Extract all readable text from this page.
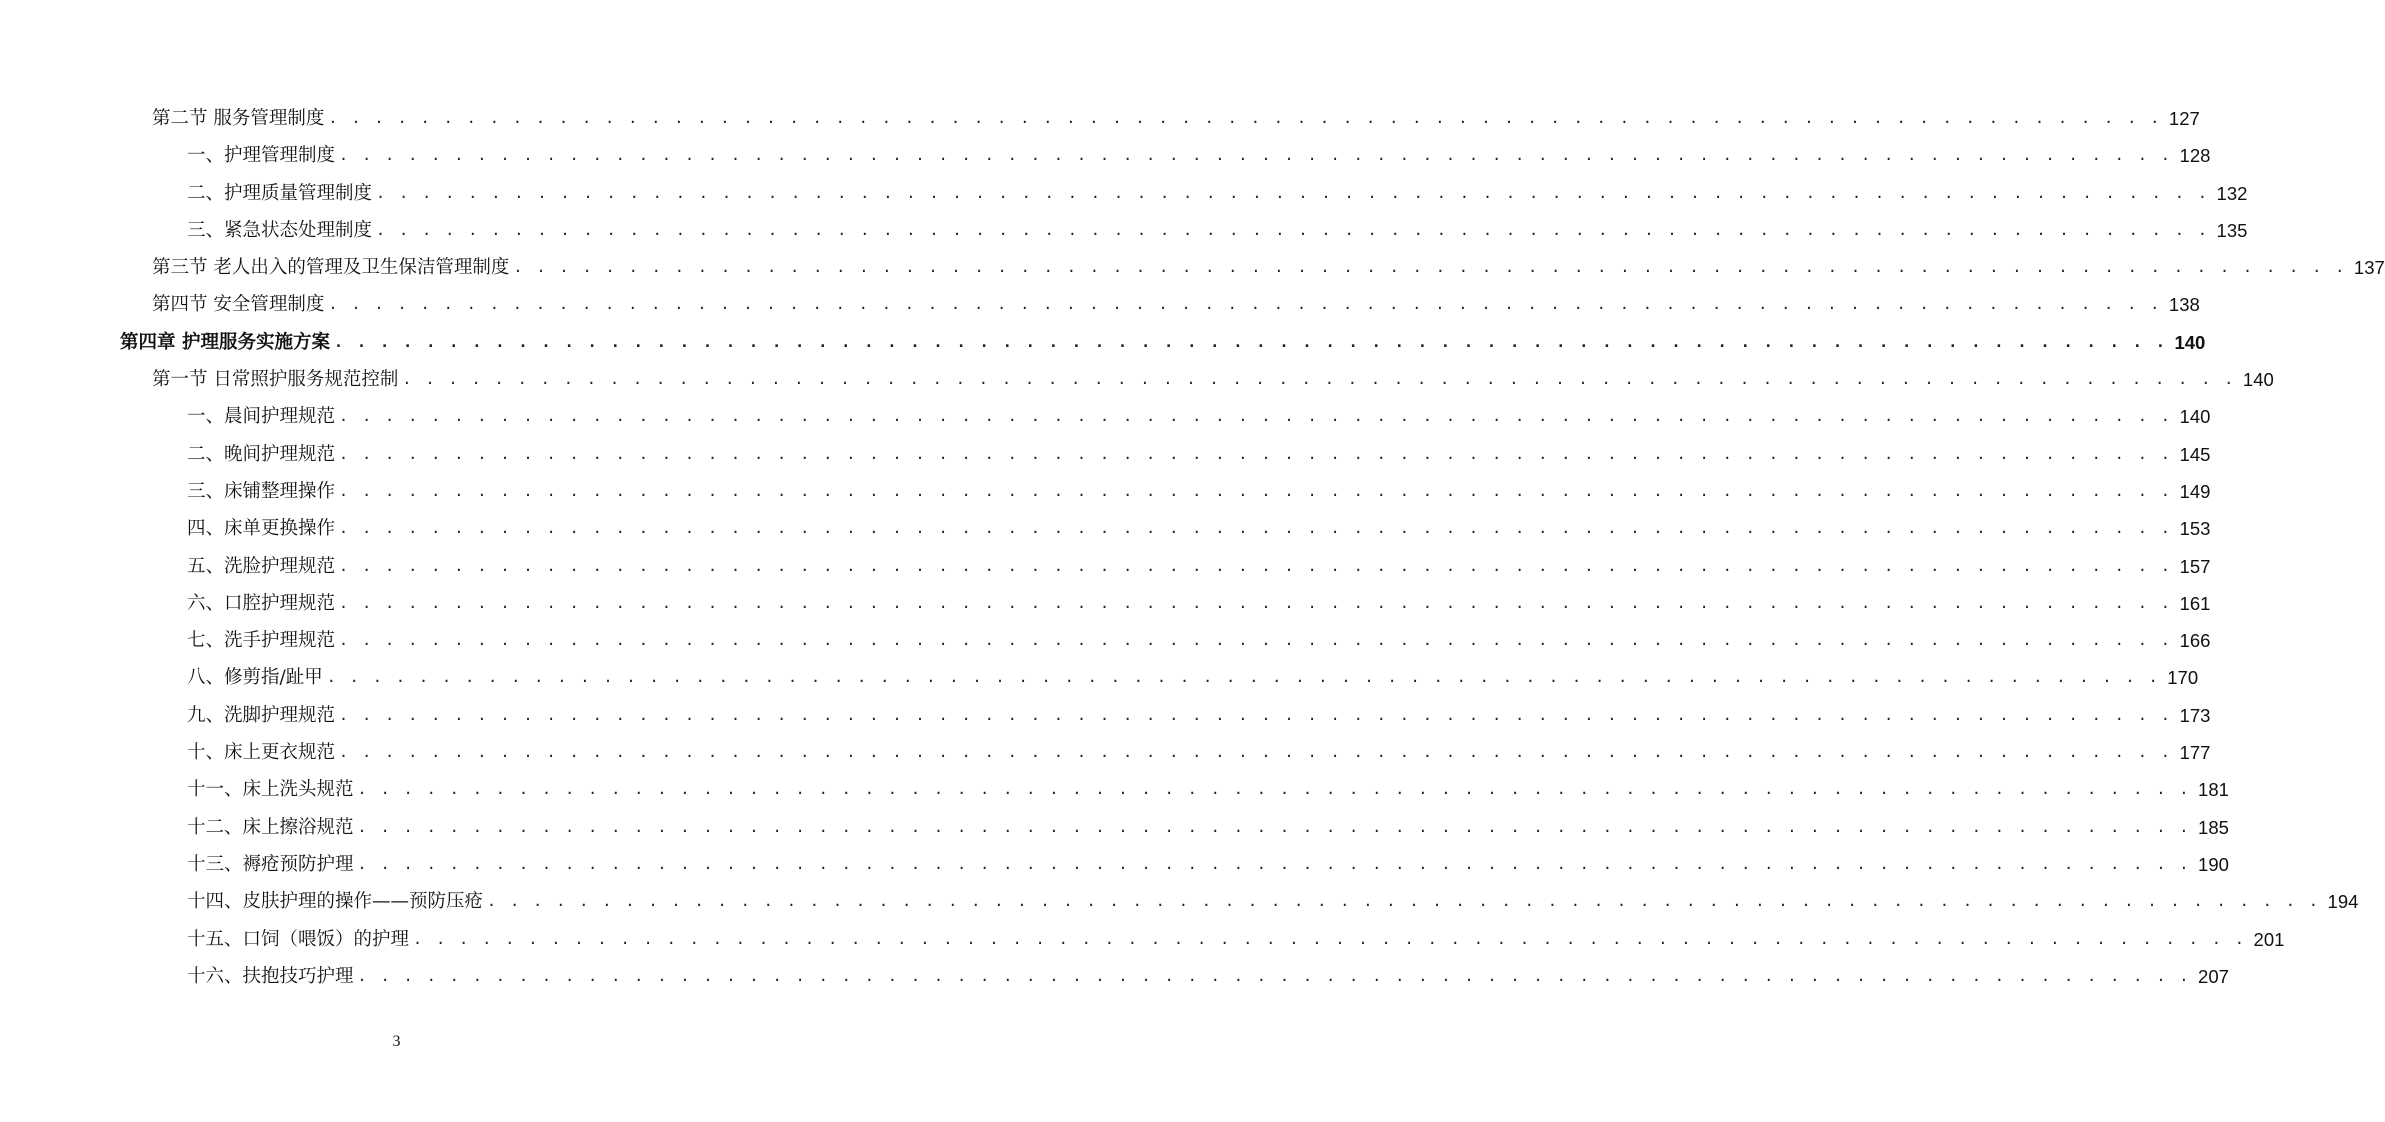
第二节 服务管理制度 . . . . . . . . . . . . . . . . . . . . . . . . . . . . . . . . . . . . . . . . . . . . . . . . . . . . . . . . . . . . . . . . . . . . . . . . . . . . . . . . 127
一、护理管理制度 . . . . . . . . . . . . . . . . . . . . . . . . . . . . . . . . . . . . . . . . . . . . . . . . . . . . . . . . . . . . . . . . . . . . . . . . . . . . . . . . 128
二、护理质量管理制度 . . . . . . . . . . . . . . . . . . . . . . . . . . . . . . . . . . . . . . . . . . . . . . . . . . . . . . . . . . . . . . . . . . . . . . . . . . . . . . . . 132
三、紧急状态处理制度 . . . . . . . . . . . . . . . . . . . . . . . . . . . . . . . . . . . . . . . . . . . . . . . . . . . . . . . . . . . . . . . . . . . . . . . . . . . . . . . . 135
第三节 老人出入的管理及卫生保洁管理制度 . . . . . . . . . . . . . . . . . . . . . . . . . . . . . . . . . . . . . . . . . . . . . . . . . . . . . . . . . . . . . . . . . . . . . . . . . . . . . . . . 137
第四节 安全管理制度 . . . . . . . . . . . . . . . . . . . . . . . . . . . . . . . . . . . . . . . . . . . . . . . . . . . . . . . . . . . . . . . . . . . . . . . . . . . . . . . . 138
第四章 护理服务实施方案 . . . . . . . . . . . . . . . . . . . . . . . . . . . . . . . . . . . . . . . . . . . . . . . . . . . . . . . . . . . . . . . . . . . . . . . . . . . . . . . . 140
第一节 日常照护服务规范控制 . . . . . . . . . . . . . . . . . . . . . . . . . . . . . . . . . . . . . . . . . . . . . . . . . . . . . . . . . . . . . . . . . . . . . . . . . . . . . . . . 140
一、晨间护理规范 . . . . . . . . . . . . . . . . . . . . . . . . . . . . . . . . . . . . . . . . . . . . . . . . . . . . . . . . . . . . . . . . . . . . . . . . . . . . . . . . 140
二、晚间护理规范 . . . . . . . . . . . . . . . . . . . . . . . . . . . . . . . . . . . . . . . . . . . . . . . . . . . . . . . . . . . . . . . . . . . . . . . . . . . . . . . . 145
三、床铺整理操作 . . . . . . . . . . . . . . . . . . . . . . . . . . . . . . . . . . . . . . . . . . . . . . . . . . . . . . . . . . . . . . . . . . . . . . . . . . . . . . . . 149
四、床单更换操作 . . . . . . . . . . . . . . . . . . . . . . . . . . . . . . . . . . . . . . . . . . . . . . . . . . . . . . . . . . . . . . . . . . . . . . . . . . . . . . . . 153
五、洗脸护理规范 . . . . . . . . . . . . . . . . . . . . . . . . . . . . . . . . . . . . . . . . . . . . . . . . . . . . . . . . . . . . . . . . . . . . . . . . . . . . . . . . 157
六、口腔护理规范 . . . . . . . . . . . . . . . . . . . . . . . . . . . . . . . . . . . . . . . . . . . . . . . . . . . . . . . . . . . . . . . . . . . . . . . . . . . . . . . . 161
七、洗手护理规范 . . . . . . . . . . . . . . . . . . . . . . . . . . . . . . . . . . . . . . . . . . . . . . . . . . . . . . . . . . . . . . . . . . . . . . . . . . . . . . . . 166
八、修剪指/趾甲 . . . . . . . . . . . . . . . . . . . . . . . . . . . . . . . . . . . . . . . . . . . . . . . . . . . . . . . . . . . . . . . . . . . . . . . . . . . . . . . . 170
九、洗脚护理规范 . . . . . . . . . . . . . . . . . . . . . . . . . . . . . . . . . . . . . . . . . . . . . . . . . . . . . . . . . . . . . . . . . . . . . . . . . . . . . . . . 173
十、床上更衣规范 . . . . . . . . . . . . . . . . . . . . . . . . . . . . . . . . . . . . . . . . . . . . . . . . . . . . . . . . . . . . . . . . . . . . . . . . . . . . . . . . 177
十一、床上洗头规范 . . . . . . . . . . . . . . . . . . . . . . . . . . . . . . . . . . . . . . . . . . . . . . . . . . . . . . . . . . . . . . . . . . . . . . . . . . . . . . . . 181
十二、床上擦浴规范 . . . . . . . . . . . . . . . . . . . . . . . . . . . . . . . . . . . . . . . . . . . . . . . . . . . . . . . . . . . . . . . . . . . . . . . . . . . . . . . . 185
十三、褥疮预防护理 . . . . . . . . . . . . . . . . . . . . . . . . . . . . . . . . . . . . . . . . . . . . . . . . . . . . . . . . . . . . . . . . . . . . . . . . . . . . . . . . 190
十四、皮肤护理的操作——预防压疮 . . . . . . . . . . . . . . . . . . . . . . . . . . . . . . . . . . . . . . . . . . . . . . . . . . . . . . . . . . . . . . . . . . . . . . . . . . . . . . . . 194
十五、口饲（喂饭）的护理 . . . . . . . . . . . . . . . . . . . . . . . . . . . . . . . . . . . . . . . . . . . . . . . . . . . . . . . . . . . . . . . . . . . . . . . . . . . . . . . . 201
十六、扶抱技巧护理 . . . . . . . . . . . . . . . . . . . . . . . . . . . . . . . . . . . . . . . . . . . . . . . . . . . . . . . . . . . . . . . . . . . . . . . . . . . . . . . . 207
3
